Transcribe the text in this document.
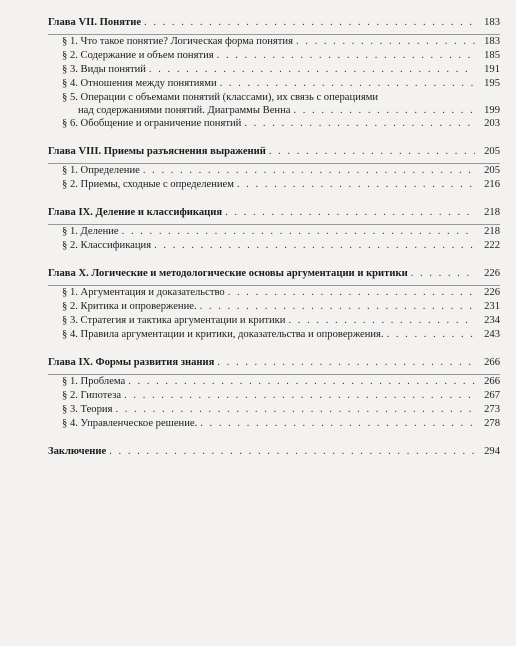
Глава VII. Понятие . . .	183
§ 1. Что такое понятие? Логическая форма понятия . . .	183
§ 2. Содержание и объем понятия . . .	185
§ 3. Виды понятий . . .	191
§ 4. Отношения между понятиями . . .	195
§ 5. Операции с объемами понятий (классами), их связь с операциями
над содержаниями понятий. Диаграммы Венна . . .	199
§ 6. Обобщение и ограничение понятий . . .	203
Глава VIII. Приемы разъяснения выражений . . .	205
§ 1. Определение . . .	205
§ 2. Приемы, сходные с определением . . .	216
Глава IX. Деление и классификация . . .	218
§ 1. Деление . . .	218
§ 2. Классификация . . .	222
Глава X. Логические и методологические основы аргументации и критики . . .	226
§ 1. Аргументация и доказательство . . .	226
§ 2. Критика и опровержение. . . .	231
§ 3. Стратегия и тактика аргументации и критики . . .	234
§ 4. Правила аргументации и критики, доказательства и опровержения. . . .	243
Глава IX. Формы развития знания . . .	266
§ 1. Проблема . . .	266
§ 2. Гипотеза . . .	267
§ 3. Теория . . .	273
§ 4. Управленческое решение. . . .	278
Заключение . . .	294
